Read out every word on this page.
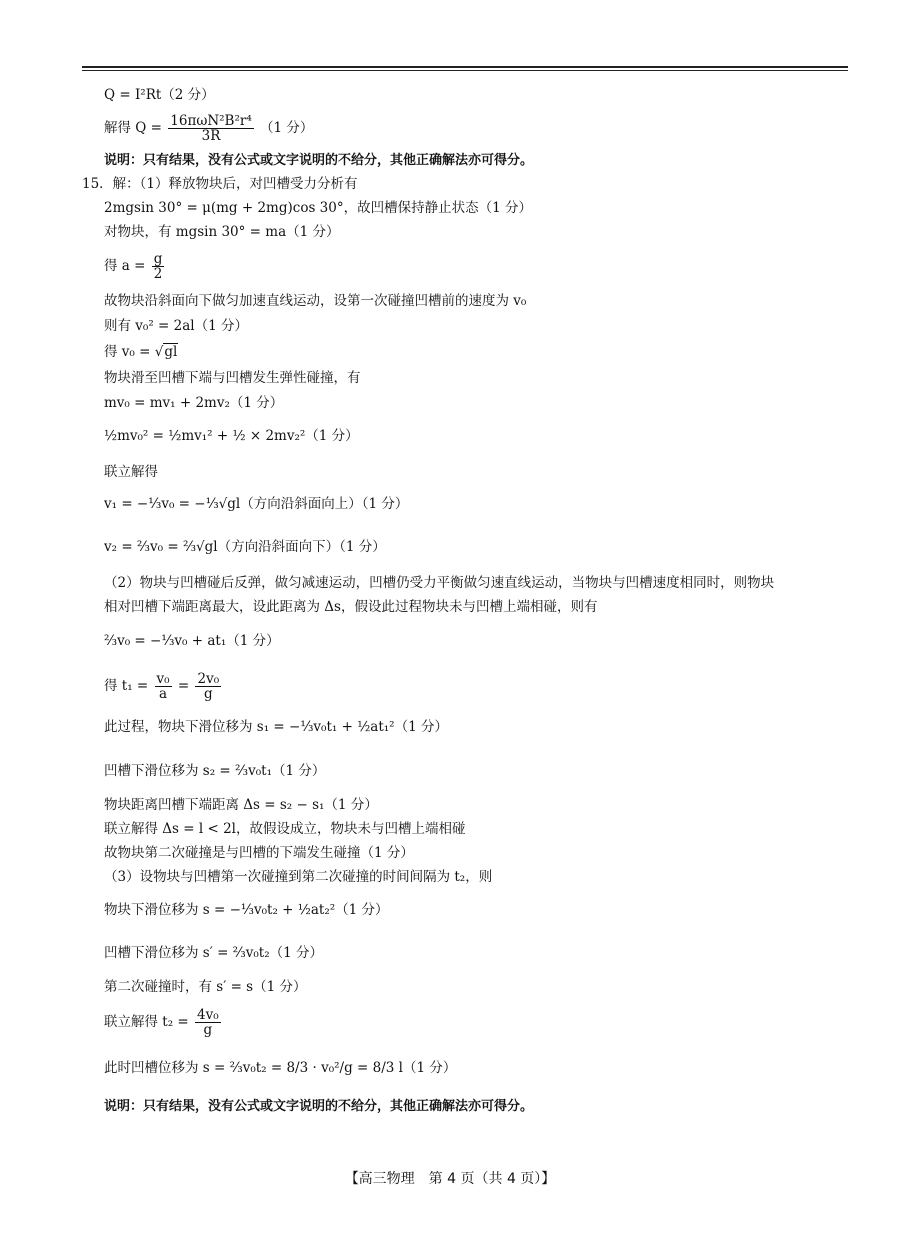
Q = I²Rt（2 分）
解得 $Q = \frac{\text{16πωN²B²r⁴}}{3R} (1$ 分）
说明：只有结果，没有公式或文字说明的不给分，其他正确解法亦可得分。
15．解：（1）释放物块后，对凹槽受力分析有
2mgsin 30° = μ(mg + 2mg)cos 30°，故凹槽保持静止状态（1 分）
对物块，有 mgsin 30° = ma（1 分）
得 $a = \frac{g}{2}$
故物块沿斜面向下做匀加速直线运动，设第一次碰撞凹槽前的速度为 v₀
则有 v₀² = 2al（1 分）
得 v₀ = √gl
物块滑至凹槽下端与凹槽发生弹性碰撞，有
mv₀ = mv₁ + 2mv₂（1 分）
½mv₀² = ½mv₁² + ½ × 2mv₂²（1 分）
联立解得
v₁ = −⅓v₀ = −⅓√gl（方向沿斜面向上）（1 分）
v₂ = ⅔v₀ = ⅔√gl（方向沿斜面向下）（1 分）
（2）物块与凹槽碰后反弹，做匀减速运动，凹槽仍受力平衡做匀速直线运动，当物块与凹槽速度相同时，则物块
相对凹槽下端距离最大，设此距离为 Δs，假设此过程物块未与凹槽上端相碰，则有
⅔v₀ = −⅓v₀ + at₁（1 分）
得 $t_1 = \frac{\text{v₀}}{a} = \frac{\text{2v₀}}{g}$
此过程，物块下滑位移为 s₁ = −⅓v₀t₁ + ½at₁²（1 分）
凹槽下滑位移为 s₂ = ⅔v₀t₁（1 分）
物块距离凹槽下端距离 Δs = s₂ − s₁（1 分）
联立解得 Δs = l < 2l，故假设成立，物块未与凹槽上端相碰
故物块第二次碰撞是与凹槽的下端发生碰撞（1 分）
（3）设物块与凹槽第一次碰撞到第二次碰撞的时间间隔为 t₂，则
物块下滑位移为 s = −⅓v₀t₂ + ½at₂²（1 分）
凹槽下滑位移为 s′ = ⅔v₀t₂（1 分）
第二次碰撞时，有 s′ = s（1 分）
联立解得 $t_2 = \frac{\text{4v₀}}{g}$
此时凹槽位移为 s = ⅔v₀t₂ = 8/3 · v₀²/g = 8/3 l（1 分）
说明：只有结果，没有公式或文字说明的不给分，其他正确解法亦可得分。
【高三物理　第 4 页（共 4 页）】
